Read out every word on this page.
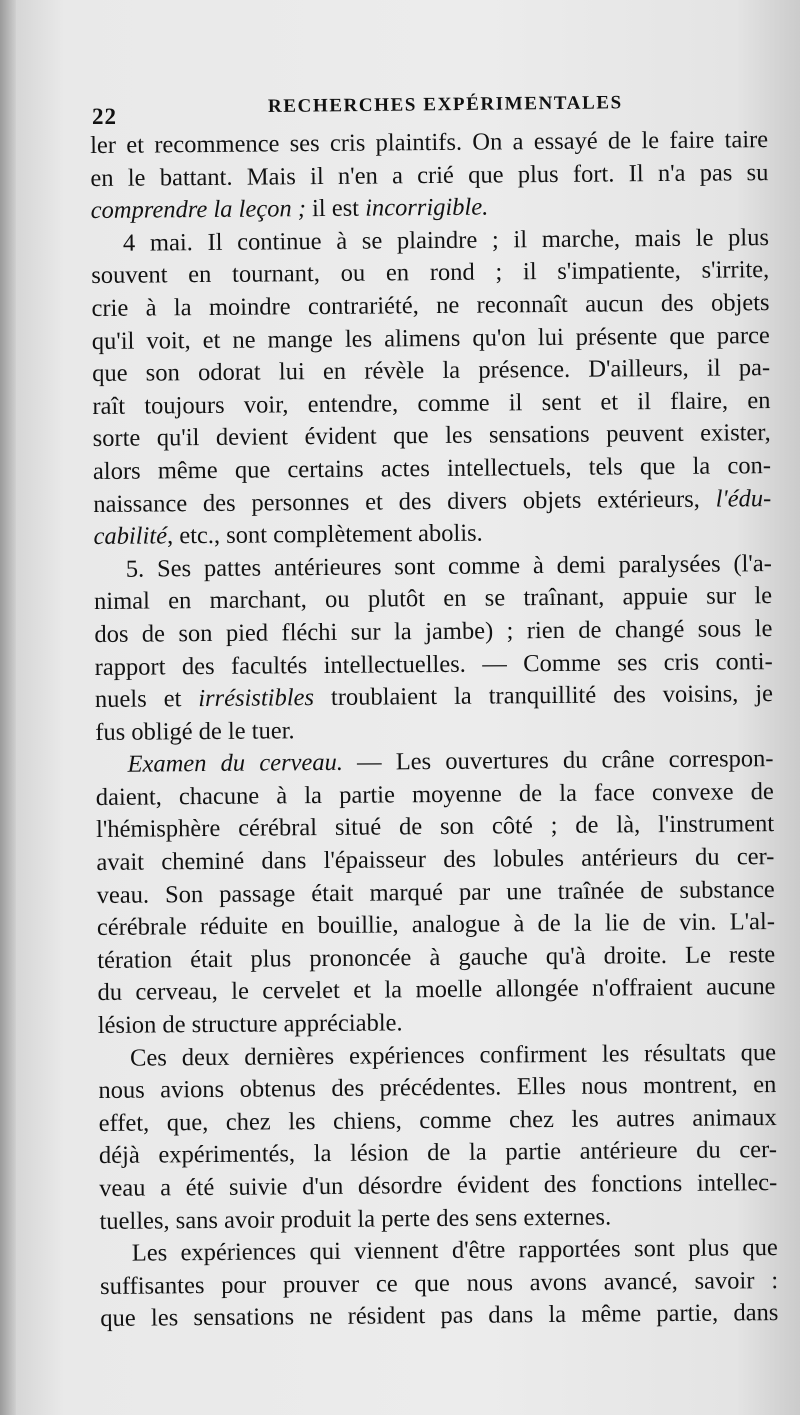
22	RECHERCHES EXPÉRIMENTALES
ler et recommence ses cris plaintifs. On a essayé de le faire taire
en le battant. Mais il n'en a crié que plus fort. Il n'a pas su
comprendre la leçon ; il est incorrigible.
4 mai. Il continue à se plaindre ; il marche, mais le plus
souvent en tournant, ou en rond ; il s'impatiente, s'irrite,
crie à la moindre contrariété, ne reconnaît aucun des objets
qu'il voit, et ne mange les alimens qu'on lui présente que parce
que son odorat lui en révèle la présence. D'ailleurs, il pa-
raît toujours voir, entendre, comme il sent et il flaire, en
sorte qu'il devient évident que les sensations peuvent exister,
alors même que certains actes intellectuels, tels que la con-
naissance des personnes et des divers objets extérieurs, l'édu-
cabilité, etc., sont complètement abolis.
5. Ses pattes antérieures sont comme à demi paralysées (l'a-
nimal en marchant, ou plutôt en se traînant, appuie sur le
dos de son pied fléchi sur la jambe) ; rien de changé sous le
rapport des facultés intellectuelles. — Comme ses cris conti-
nuels et irrésistibles troublaient la tranquillité des voisins, je
fus obligé de le tuer.
Examen du cerveau. — Les ouvertures du crâne correspon-
daient, chacune à la partie moyenne de la face convexe de
l'hémisphère cérébral situé de son côté ; de là, l'instrument
avait cheminé dans l'épaisseur des lobules antérieurs du cer-
veau. Son passage était marqué par une traînée de substance
cérébrale réduite en bouillie, analogue à de la lie de vin. L'al-
tération était plus prononcée à gauche qu'à droite. Le reste
du cerveau, le cervelet et la moelle allongée n'offraient aucune
lésion de structure appréciable.
Ces deux dernières expériences confirment les résultats que
nous avions obtenus des précédentes. Elles nous montrent, en
effet, que, chez les chiens, comme chez les autres animaux
déjà expérimentés, la lésion de la partie antérieure du cer-
veau a été suivie d'un désordre évident des fonctions intellec-
tuelles, sans avoir produit la perte des sens externes.
Les expériences qui viennent d'être rapportées sont plus que
suffisantes pour prouver ce que nous avons avancé, savoir :
que les sensations ne résident pas dans la même partie, dans
